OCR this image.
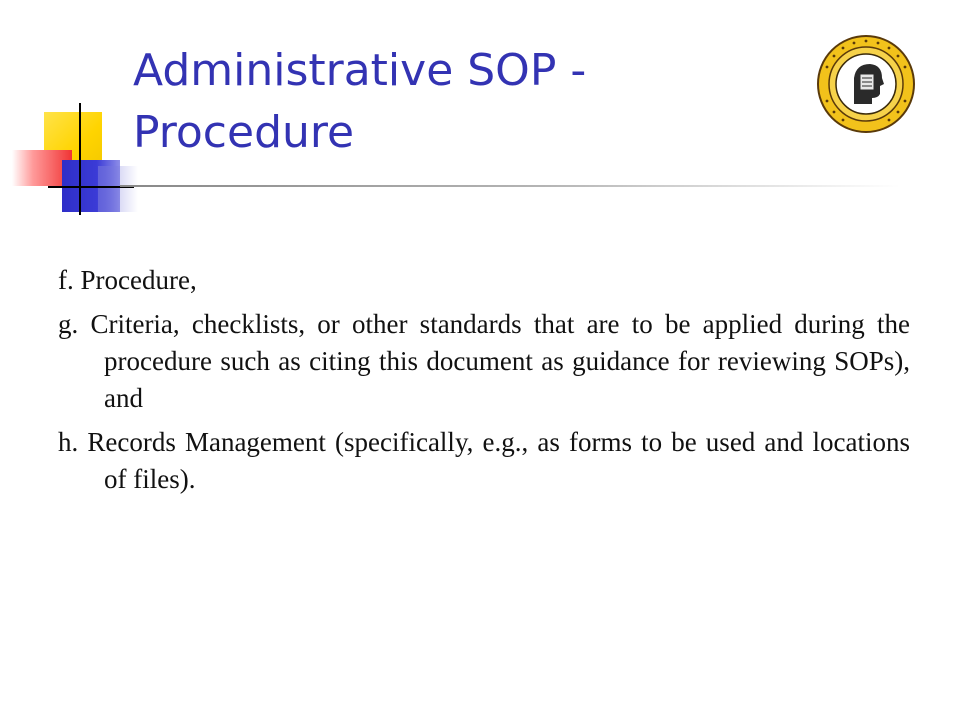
Administrative SOP - Procedure
f. Procedure,
g. Criteria, checklists, or other standards that are to be applied during the procedure such as citing this document as guidance for reviewing SOPs), and
h. Records Management (specifically, e.g., as forms to be used and locations of files).
